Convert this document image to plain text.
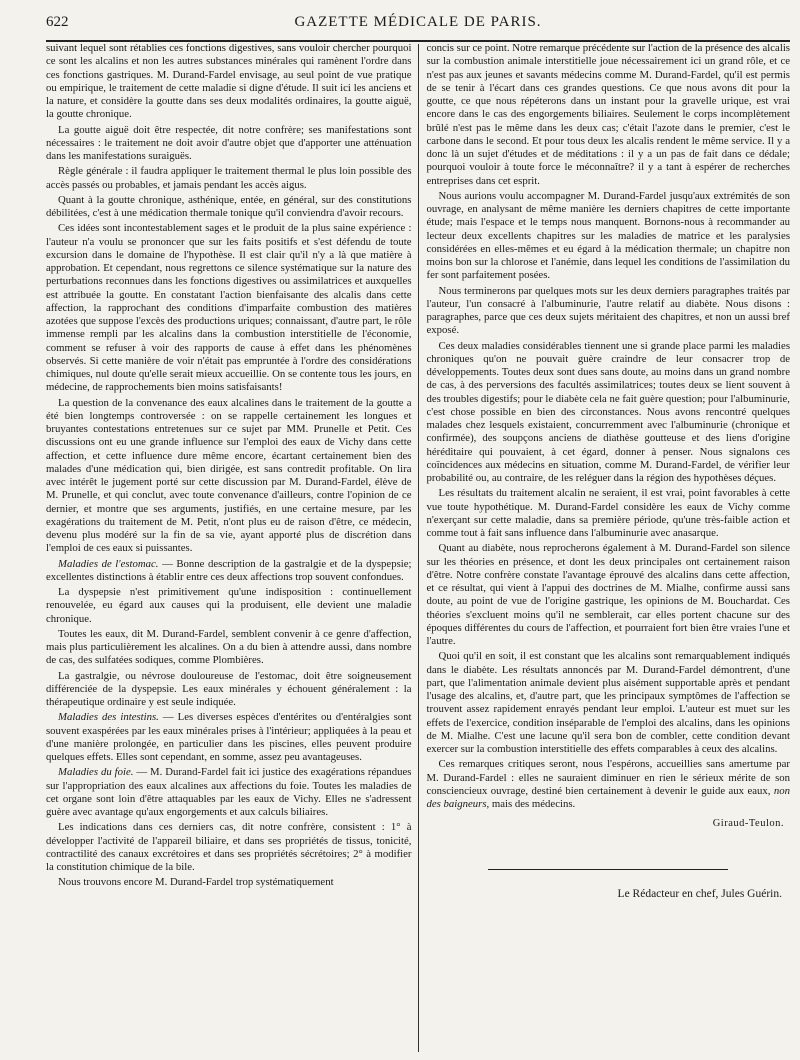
622	GAZETTE MÉDICALE DE PARIS.

suivant lequel sont rétablies ces fonctions digestives, sans vouloir chercher pourquoi ce sont les alcalins et non les autres substances minérales qui ramènent l'ordre dans ces fonctions gastriques. M. Durand-Fardel envisage, au seul point de vue pratique ou empirique, le traitement de cette maladie si digne d'étude. Il suit ici les anciens et la nature, et considère la goutte dans ses deux modalités ordinaires, la goutte aiguë, la goutte chronique.

La goutte aiguë doit être respectée, dit notre confrère; ses manifestations sont nécessaires : le traitement ne doit avoir d'autre objet que d'apporter une atténuation dans les manifestations suraiguës.

Règle générale : il faudra appliquer le traitement thermal le plus loin possible des accès passés ou probables, et jamais pendant les accès aigus.

Quant à la goutte chronique, asthénique, entée, en général, sur des constitutions débilitées, c'est à une médication thermale tonique qu'il conviendra d'avoir recours.

Ces idées sont incontestablement sages et le produit de la plus saine expérience : l'auteur n'a voulu se prononcer que sur les faits positifs et s'est défendu de toute excursion dans le domaine de l'hypothèse. Il est clair qu'il n'y a là que matière à approbation. Et cependant, nous regrettons ce silence systématique sur la nature des perturbations reconnues dans les fonctions digestives ou assimilatrices et auxquelles est attribuée la goutte. En constatant l'action bienfaisante des alcalis dans cette affection, la rapprochant des conditions d'imparfaite combustion des matières azotées que suppose l'excès des productions uriques; connaissant, d'autre part, le rôle immense rempli par les alcalins dans la combustion interstitielle de l'économie, comment se refuser à voir des rapports de cause à effet dans les phénomènes observés. Si cette manière de voir n'était pas empruntée à l'ordre des considérations chimiques, nul doute qu'elle serait mieux accueillie. On se contente tous les jours, en médecine, de rapprochements bien moins satisfaisants!

La question de la convenance des eaux alcalines dans le traitement de la goutte a été bien longtemps controversée : on se rappelle certainement les longues et bruyantes contestations entretenues sur ce sujet par MM. Prunelle et Petit. Ces discussions ont eu une grande influence sur l'emploi des eaux de Vichy dans cette affection, et cette influence dure même encore, écartant certainement bien des malades d'une médication qui, bien dirigée, est sans contredit profitable. On lira avec intérêt le jugement porté sur cette discussion par M. Durand-Fardel, élève de M. Prunelle, et qui conclut, avec toute convenance d'ailleurs, contre l'opinion de ce dernier, et montre que ses arguments, justifiés, en une certaine mesure, par les exagérations du traitement de M. Petit, n'ont plus eu de raison d'être, ce médecin, devenu plus modéré sur la fin de sa vie, ayant apporté plus de discrétion dans l'emploi de ces eaux si puissantes.

Maladies de l'estomac. — Bonne description de la gastralgie et de la dyspepsie; excellentes distinctions à établir entre ces deux affections trop souvent confondues.

La dyspepsie n'est primitivement qu'une indisposition : continuellement renouvelée, eu égard aux causes qui la produisent, elle devient une maladie chronique.

Toutes les eaux, dit M. Durand-Fardel, semblent convenir à ce genre d'affection, mais plus particulièrement les alcalines. On a du bien à attendre aussi, dans nombre de cas, des sulfatées sodiques, comme Plombières.

La gastralgie, ou névrose douloureuse de l'estomac, doit être soigneusement différenciée de la dyspepsie. Les eaux minérales y échouent généralement : la thérapeutique ordinaire y est seule indiquée.

Maladies des intestins. — Les diverses espèces d'entérites ou d'entéralgies sont souvent exaspérées par les eaux minérales prises à l'intérieur; appliquées à la peau et d'une manière prolongée, en particulier dans les piscines, elles peuvent produire quelques effets. Elles sont cependant, en somme, assez peu avantageuses.

Maladies du foie. — M. Durand-Fardel fait ici justice des exagérations répandues sur l'appropriation des eaux alcalines aux affections du foie. Toutes les maladies de cet organe sont loin d'être attaquables par les eaux de Vichy. Elles ne s'adressent guère avec avantage qu'aux engorgements et aux calculs biliaires.

Les indications dans ces derniers cas, dit notre confrère, consistent : 1° à développer l'activité de l'appareil biliaire, et dans ses propriétés de tissus, tonicité, contractilité des canaux excrétoires et dans ses propriétés sécrétoires; 2° à modifier la constitution chimique de la bile.

Nous trouvons encore M. Durand-Fardel trop systématiquement

concis sur ce point. Notre remarque précédente sur l'action de la présence des alcalis sur la combustion animale interstitielle joue nécessairement ici un grand rôle, et ce n'est pas aux jeunes et savants médecins comme M. Durand-Fardel, qu'il est permis de se tenir à l'écart dans ces grandes questions. Ce que nous avons dit pour la goutte, ce que nous répéterons dans un instant pour la gravelle urique, est vrai encore dans le cas des engorgements biliaires. Seulement le corps incomplètement brûlé n'est pas le même dans les deux cas; c'était l'azote dans le premier, c'est le carbone dans le second. Et pour tous deux les alcalis rendent le même service. Il y a donc là un sujet d'études et de méditations : il y a un pas de fait dans ce dédale; pourquoi vouloir à toute force le méconnaître? il y a tant à espérer de recherches entreprises dans cet esprit.

Nous aurions voulu accompagner M. Durand-Fardel jusqu'aux extrémités de son ouvrage, en analysant de même manière les derniers chapitres de cette importante étude; mais l'espace et le temps nous manquent. Bornons-nous à recommander au lecteur deux excellents chapitres sur les maladies de matrice et les paralysies considérées en elles-mêmes et eu égard à la médication thermale; un chapitre non moins bon sur la chlorose et l'anémie, dans lequel les conditions de l'assimilation du fer sont parfaitement posées.

Nous terminerons par quelques mots sur les deux derniers paragraphes traités par l'auteur, l'un consacré à l'albuminurie, l'autre relatif au diabète. Nous disons : paragraphes, parce que ces deux sujets méritaient des chapitres, et non un aussi bref exposé.

Ces deux maladies considérables tiennent une si grande place parmi les maladies chroniques qu'on ne pouvait guère craindre de leur consacrer trop de développements. Toutes deux sont dues sans doute, au moins dans un grand nombre de cas, à des perversions des facultés assimilatrices; toutes deux se lient souvent à des troubles digestifs; pour le diabète cela ne fait guère question; pour l'albuminurie, c'est chose possible en bien des circonstances. Nous avons rencontré quelques malades chez lesquels existaient, concurremment avec l'albuminurie (chronique et confirmée), des soupçons anciens de diathèse goutteuse et des liens d'origine héréditaire qui pouvaient, à cet égard, donner à penser. Nous signalons ces coïncidences aux médecins en situation, comme M. Durand-Fardel, de vérifier leur probabilité ou, au contraire, de les reléguer dans la région des hypothèses déçues.

Les résultats du traitement alcalin ne seraient, il est vrai, point favorables à cette vue toute hypothétique. M. Durand-Fardel considère les eaux de Vichy comme n'exerçant sur cette maladie, dans sa première période, qu'une très-faible action et comme tout à fait sans influence dans l'albuminurie avec anasarque.

Quant au diabète, nous reprocherons également à M. Durand-Fardel son silence sur les théories en présence, et dont les deux principales ont certainement raison d'être. Notre confrère constate l'avantage éprouvé des alcalins dans cette affection, et ce résultat, qui vient à l'appui des doctrines de M. Mialhe, confirme aussi sans doute, au point de vue de l'origine gastrique, les opinions de M. Bouchardat. Ces théories s'excluent moins qu'il ne semblerait, car elles portent chacune sur des époques différentes du cours de l'affection, et pourraient fort bien être vraies l'une et l'autre.

Quoi qu'il en soit, il est constant que les alcalins sont remarquablement indiqués dans le diabète. Les résultats annoncés par M. Durand-Fardel démontrent, d'une part, que l'alimentation animale devient plus aisément supportable après et pendant l'usage des alcalins, et, d'autre part, que les principaux symptômes de l'affection se trouvent assez rapidement enrayés pendant leur emploi. L'auteur est muet sur les effets de l'exercice, condition inséparable de l'emploi des alcalins, dans les opinions de M. Mialhe. C'est une lacune qu'il sera bon de combler, cette condition devant exercer sur la combustion interstitielle des effets comparables à ceux des alcalins.

Ces remarques critiques seront, nous l'espérons, accueillies sans amertume par M. Durand-Fardel : elles ne sauraient diminuer en rien le sérieux mérite de son consciencieux ouvrage, destiné bien certainement à devenir le guide aux eaux, non des baigneurs, mais des médecins.

Giraud-Teulon.
Le Rédacteur en chef, Jules Guérin.
